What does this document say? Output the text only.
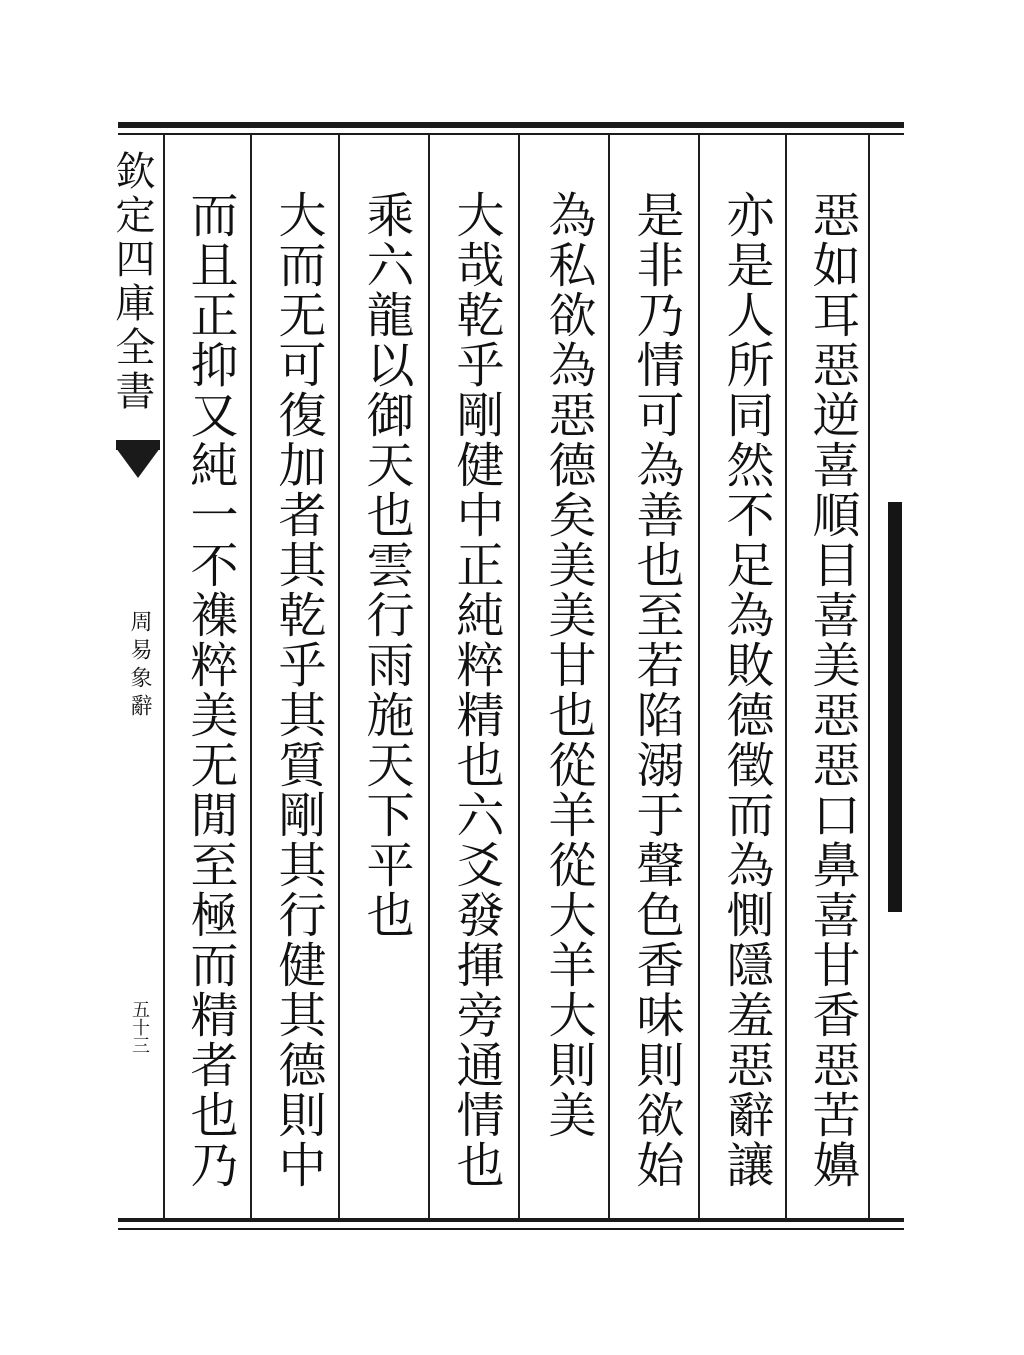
欽定四庫全書
周易象辭
五十三	惡如耳惡逆喜順目喜美惡惡口鼻喜甘香惡苦嬶
亦是人所同然不足為敗德徵而為惻隱羞惡辭讓
是非乃情可為善也至若陷溺于聲色香味則欲始
為私欲為惡德矣美美甘也從羊從大羊大則美
大哉乾乎剛健中正純粹精也六爻發揮旁通情也
乘六龍以御天也雲行雨施天下平也
大而无可復加者其乾乎其質剛其行健其德則中
而且正抑又純一不襍粹美无閒至極而精者也乃
